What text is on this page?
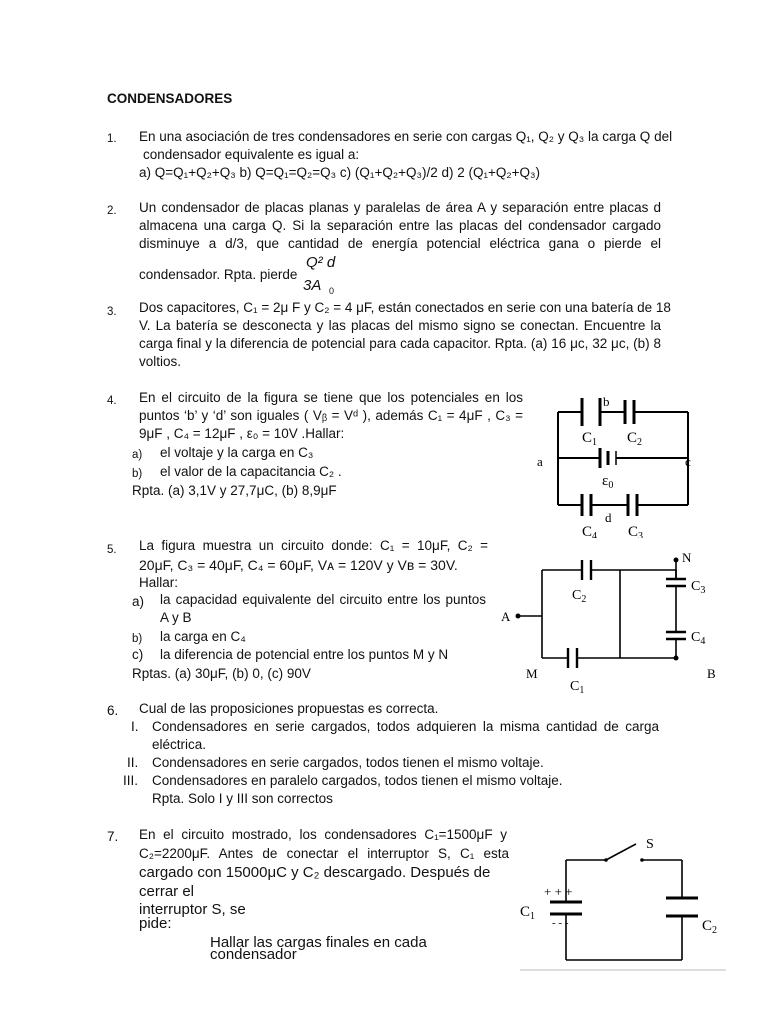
CONDENSADORES
1. En una asociación de tres condensadores en serie con cargas Q₁, Q₂ y Q₃ la carga Q del
condensador equivalente es igual a:
a) Q=Q₁+Q₂+Q₃ b) Q=Q₁=Q₂=Q₃ c) (Q₁+Q₂+Q₃)/2 d) 2 (Q₁+Q₂+Q₃)
2. Un condensador de placas planas y paralelas de área A y separación entre placas d
almacena una carga Q. Si la separación entre las placas del condensador cargado
disminuye a d/3, que cantidad de energía potencial eléctrica gana o pierde el
condensador. Rpta. pierde
Q² d
3A 0
3. Dos capacitores, C₁ = 2μ F y C₂ = 4 μF, están conectados en serie con una batería de 18
V. La batería se desconecta y las placas del mismo signo se conectan. Encuentre la
carga final y la diferencia de potencial para cada capacitor. Rpta. (a) 16 μc, 32 μc, (b) 8
voltios.
4. En el circuito de la figura se tiene que los potenciales en los
puntos ‘b’ y ‘d’ son iguales ( Vᵦ = Vᵈ ), además C₁ = 4μF , C₃ =
9μF , C₄ = 12μF , ε₀ = 10V .Hallar:
a) el voltaje y la carga en C₃
b) el valor de la capacitancia C₂ .
Rpta. (a) 3,1V y 27,7μC, (b) 8,9μF
b
$C_1$ $C_2$
a	c
$\varepsilon_0$
d
$C_4$ $C_3$
5. La figura muestra un circuito donde: C₁ = 10μF, C₂ =
20μF, C₃ = 40μF, C₄ = 60μF, Vᴀ = 120V y Vʙ = 30V.
Hallar:
a) la capacidad equivalente del circuito entre los puntos
A y B
b) la carga en C₄
c) la diferencia de potencial entre los puntos M y N
Rptas. (a) 30μF, (b) 0, (c) 90V
N
$C_3$
$C_2$
A
$C_4$
M	B
$C_1$
6. Cual de las proposiciones propuestas es correcta.
I. Condensadores en serie cargados, todos adquieren la misma cantidad de carga
eléctrica.
II. Condensadores en serie cargados, todos tienen el mismo voltaje.
III. Condensadores en paralelo cargados, todos tienen el mismo voltaje.
Rpta. Solo I y III son correctos
7. En el circuito mostrado, los condensadores C₁=1500μF y
C₂=2200μF. Antes de conectar el interruptor S, C₁ esta
cargado con 15000μC y C₂ descargado. Después de
cerrar el
interruptor S, se
pide:
Hallar las cargas finales en cada
condensador
S
+ + +
- - -
$C_1$
$C_2$
